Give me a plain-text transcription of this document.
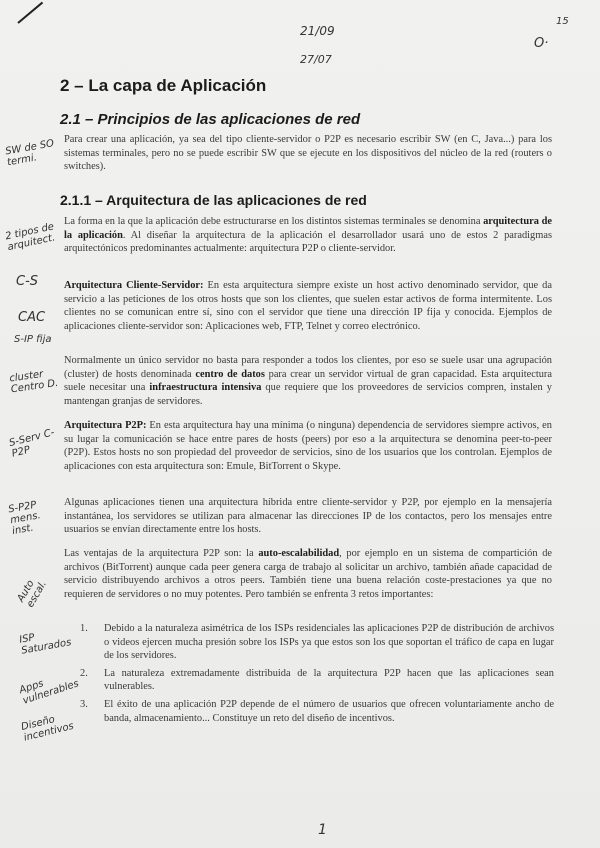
21/09
27/07
15
O·
SW de SO termi.
2 tipos de arquitect.
C-S
CAC
S-IP fija
cluster Centro D.
S-Serv C-P2P
S-P2P mens. inst.
Auto escal.
ISP Saturados
Apps vulnerables
Diseño incentivos
2 – La capa de Aplicación
2.1 – Principios de las aplicaciones de red
Para crear una aplicación, ya sea del tipo cliente-servidor o P2P es necesario escribir SW (en C, Java...) para los sistemas terminales, pero no se puede escribir SW que se ejecute en los dispositivos del núcleo de la red (routers o switches).
2.1.1 – Arquitectura de las aplicaciones de red
La forma en la que la aplicación debe estructurarse en los distintos sistemas terminales se denomina arquitectura de la aplicación. Al diseñar la arquitectura de la aplicación el desarrollador usará uno de estos 2 paradigmas arquitectónicos predominantes actualmente: arquitectura P2P o cliente-servidor.
Arquitectura Cliente-Servidor: En esta arquitectura siempre existe un host activo denominado servidor, que da servicio a las peticiones de los otros hosts que son los clientes, que suelen estar activos de forma intermitente. Los clientes no se comunican entre sí, sino con el servidor que tiene una dirección IP fija y conocida. Ejemplos de aplicaciones cliente-servidor son: Aplicaciones web, FTP, Telnet y correo electrónico.
Normalmente un único servidor no basta para responder a todos los clientes, por eso se suele usar una agrupación (cluster) de hosts denominada centro de datos para crear un servidor virtual de gran capacidad. Esta arquitectura suele necesitar una infraestructura intensiva que requiere que los proveedores de servicios compren, instalen y mantengan granjas de servidores.
Arquitectura P2P: En esta arquitectura hay una mínima (o ninguna) dependencia de servidores siempre activos, en su lugar la comunicación se hace entre pares de hosts (peers) por eso a la arquitectura se denomina peer-to-peer (P2P). Estos hosts no son propiedad del proveedor de servicios, sino de los usuarios que los controlan. Ejemplos de aplicaciones con esta arquitectura son: Emule, BitTorrent o Skype.
Algunas aplicaciones tienen una arquitectura híbrida entre cliente-servidor y P2P, por ejemplo en la mensajería instantánea, los servidores se utilizan para almacenar las direcciones IP de los contactos, pero los mensajes entre usuarios se envían directamente entre los hosts.
Las ventajas de la arquitectura P2P son: la auto-escalabilidad, por ejemplo en un sistema de compartición de archivos (BitTorrent) aunque cada peer genera carga de trabajo al solicitar un archivo, también añade capacidad de servicio distribuyendo archivos a otros peers. También tiene una buena relación coste-prestaciones ya que no requieren de servidores o no muy potentes. Pero también se enfrenta 3 retos importantes:
1. Debido a la naturaleza asimétrica de los ISPs residenciales las aplicaciones P2P de distribución de archivos o videos ejercen mucha presión sobre los ISPs ya que estos son los que soportan el tráfico de capa en lugar de los servidores.
2. La naturaleza extremadamente distribuida de la arquitectura P2P hacen que las aplicaciones sean vulnerables.
3. El éxito de una aplicación P2P depende de el número de usuarios que ofrecen voluntariamente ancho de banda, almacenamiento... Constituye un reto del diseño de incentivos.
1
